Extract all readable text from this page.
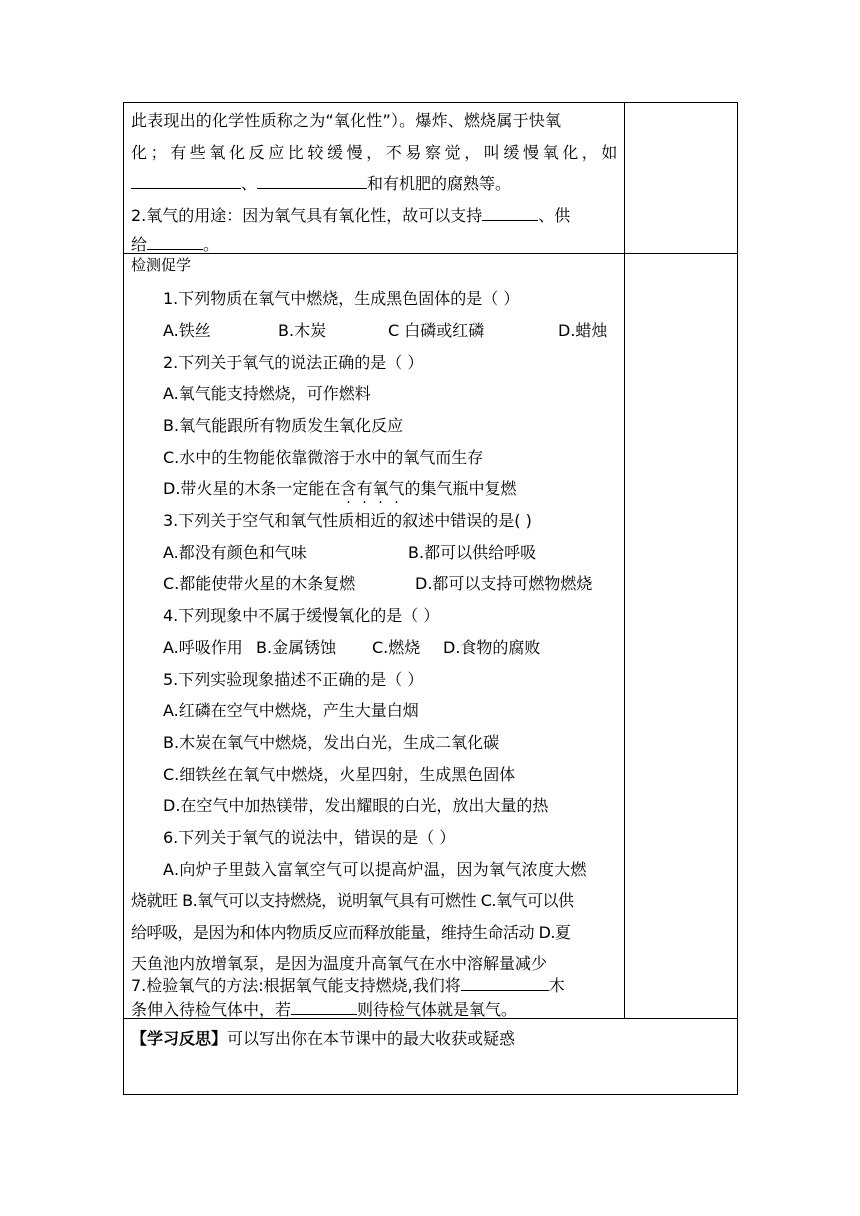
此表现出的化学性质称之为“氧化性”）。爆炸、燃烧属于快氧
化；有些氧化反应比较缓慢，不易察觉，叫缓慢氧化，如
、	和有机肥的腐熟等。
2.氧气的用途：因为氧气具有氧化性，故可以支持	、供
给	。
检测促学
1.下列物质在氧气中燃烧，生成黑色固体的是（ ）
A.铁丝	B.木炭	C 白磷或红磷	D.蜡烛
2.下列关于氧气的说法正确的是（ ）
A.氧气能支持燃烧，可作燃料
B.氧气能跟所有物质发生氧化反应
C.水中的生物能依靠微溶于水中的氧气而生存
D.带火星的木条一定能在含有氧气的集气瓶中复燃
3.下列关于空气和氧气性质相近的叙述中错误的是( )
A.都没有颜色和气味	B.都可以供给呼吸
C.都能使带火星的木条复燃	D.都可以支持可燃物燃烧
4.下列现象中不属于缓慢氧化的是（ ）
A.呼吸作用 B.金属锈蚀 C.燃烧 D.食物的腐败
5.下列实验现象描述不正确的是（ ）
A.红磷在空气中燃烧，产生大量白烟
B.木炭在氧气中燃烧，发出白光，生成二氧化碳
C.细铁丝在氧气中燃烧，火星四射，生成黑色固体
D.在空气中加热镁带，发出耀眼的白光，放出大量的热
6.下列关于氧气的说法中，错误的是（ ）
A.向炉子里鼓入富氧空气可以提高炉温，因为氧气浓度大燃
烧就旺 B.氧气可以支持燃烧，说明氧气具有可燃性 C.氧气可以供
给呼吸，是因为和体内物质反应而释放能量，维持生命活动 D.夏
天鱼池内放增氧泵，是因为温度升高氧气在水中溶解量减少
7.检验氧气的方法:根据氧气能支持燃烧,我们将	木
条伸入待检气体中，若	则待检气体就是氧气。
【学习反思】可以写出你在本节课中的最大收获或疑惑
